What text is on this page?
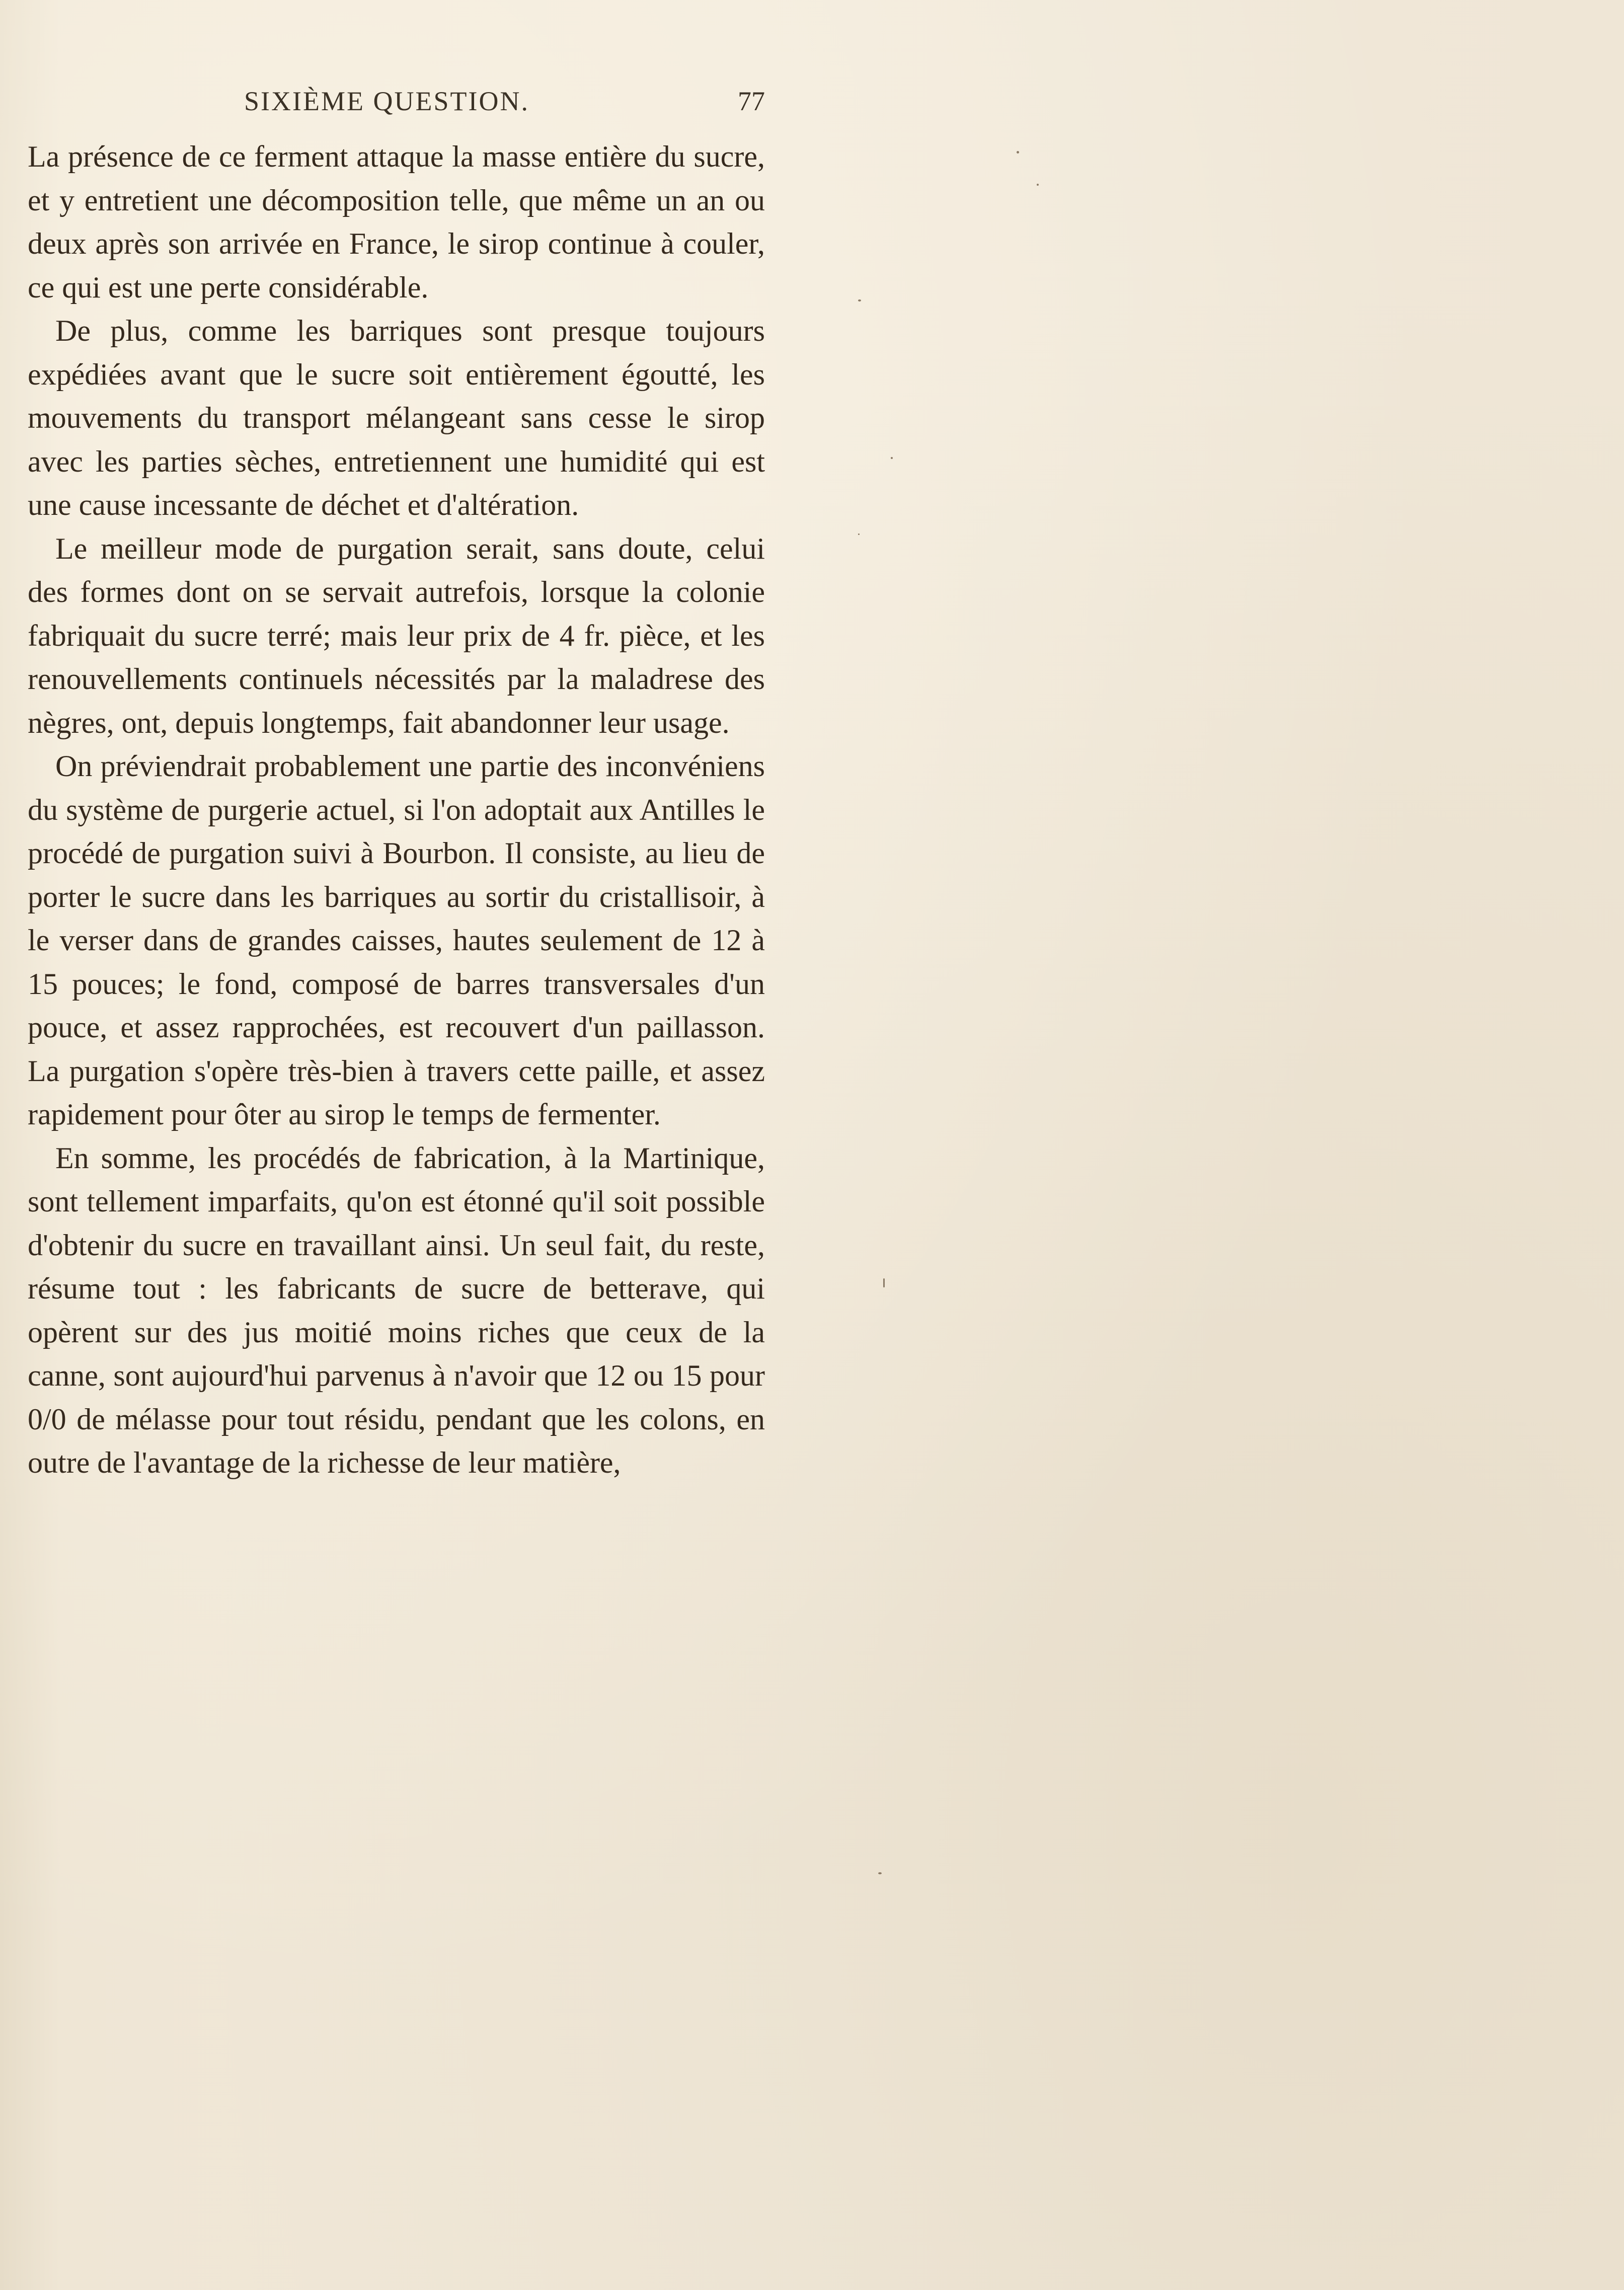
SIXIÈME QUESTION.	77

La présence de ce ferment attaque la masse entière du sucre, et y entretient une décomposition telle, que même un an ou deux après son arrivée en France, le sirop continue à couler, ce qui est une perte considérable.

De plus, comme les barriques sont presque toujours expédiées avant que le sucre soit entièrement égoutté, les mouvements du transport mélangeant sans cesse le sirop avec les parties sèches, entretiennent une humidité qui est une cause incessante de déchet et d'altération.

Le meilleur mode de purgation serait, sans doute, celui des formes dont on se servait autrefois, lorsque la colonie fabriquait du sucre terré; mais leur prix de 4 fr. pièce, et les renouvellements continuels nécessités par la maladrese des nègres, ont, depuis longtemps, fait abandonner leur usage.

On préviendrait probablement une partie des inconvéniens du système de purgerie actuel, si l'on adoptait aux Antilles le procédé de purgation suivi à Bourbon. Il consiste, au lieu de porter le sucre dans les barriques au sortir du cristallisoir, à le verser dans de grandes caisses, hautes seulement de 12 à 15 pouces; le fond, composé de barres transversales d'un pouce, et assez rapprochées, est recouvert d'un paillasson. La purgation s'opère très-bien à travers cette paille, et assez rapidement pour ôter au sirop le temps de fermenter.

En somme, les procédés de fabrication, à la Martinique, sont tellement imparfaits, qu'on est étonné qu'il soit possible d'obtenir du sucre en travaillant ainsi. Un seul fait, du reste, résume tout : les fabricants de sucre de betterave, qui opèrent sur des jus moitié moins riches que ceux de la canne, sont aujourd'hui parvenus à n'avoir que 12 ou 15 pour 0/0 de mélasse pour tout résidu, pendant que les colons, en outre de l'avantage de la richesse de leur matière,
